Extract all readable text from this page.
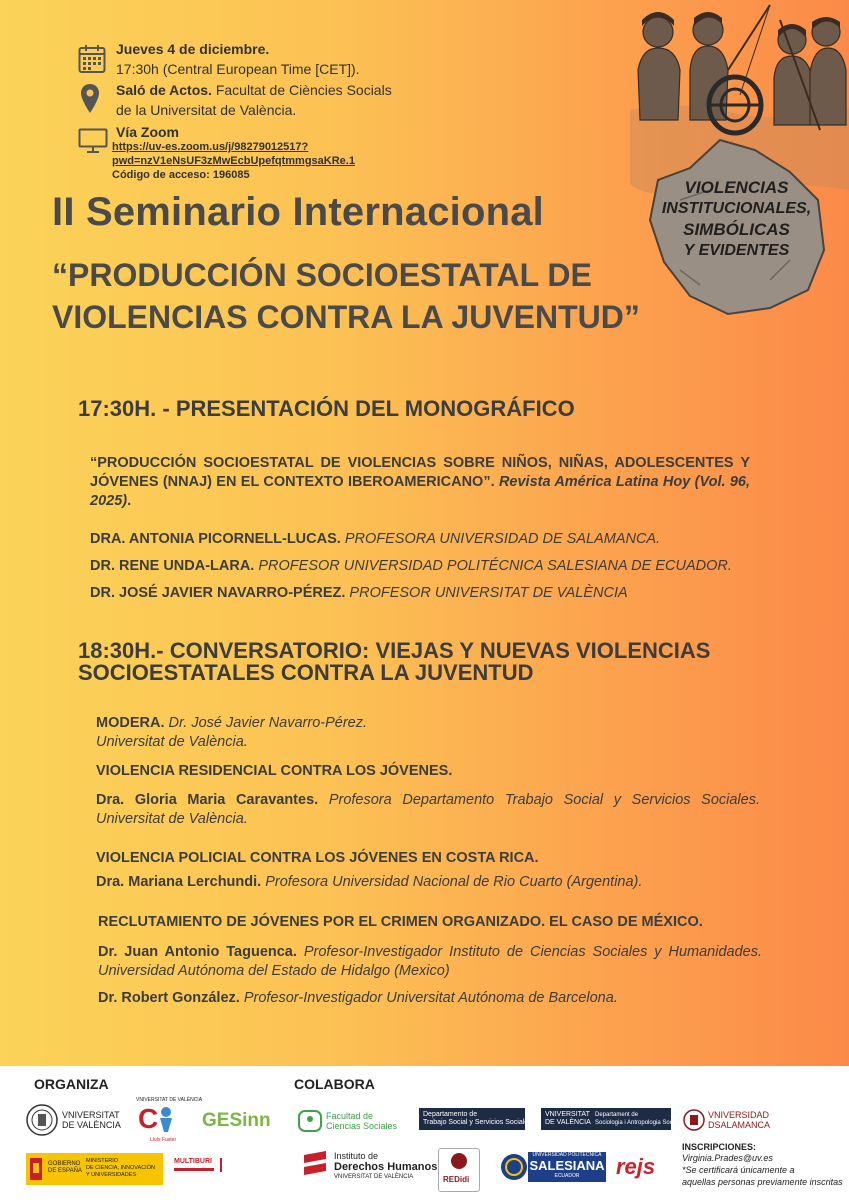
Jueves 4 de diciembre.
17:30h (Central European Time [CET]).
Saló de Actos. Facultat de Ciències Socials
de la Universitat de València.
Vía Zoom
https://uv-es.zoom.us/j/98279012517?
pwd=nzV1eNsUF3zMwEcbUpefqtmmgsaKRe.1
Código de acceso: 196085
VIOLENCIAS
INSTITUCIONALES,
SIMBÓLICAS
Y EVIDENTES
II Seminario Internacional
“PRODUCCIÓN SOCIOESTATAL DE
VIOLENCIAS CONTRA LA JUVENTUD”
17:30H. - PRESENTACIÓN DEL MONOGRÁFICO
“PRODUCCIÓN SOCIOESTATAL DE VIOLENCIAS SOBRE NIÑOS, NIÑAS, ADOLESCENTES Y JÓVENES (NNAJ) EN EL CONTEXTO IBEROAMERICANO”. Revista América Latina Hoy (Vol. 96, 2025).
DRA. ANTONIA PICORNELL-LUCAS. PROFESORA UNIVERSIDAD DE SALAMANCA.
DR. RENE UNDA-LARA. PROFESOR UNIVERSIDAD POLITÉCNICA SALESIANA DE ECUADOR.
DR. JOSÉ JAVIER NAVARRO-PÉREZ. PROFESOR UNIVERSITAT DE VALÈNCIA
18:30H.- CONVERSATORIO: VIEJAS Y NUEVAS VIOLENCIAS
SOCIOESTATALES CONTRA LA JUVENTUD
MODERA. Dr. José Javier Navarro-Pérez.
Universitat de València.
VIOLENCIA RESIDENCIAL CONTRA LOS JÓVENES.
Dra. Gloria Maria Caravantes. Profesora Departamento Trabajo Social y Servicios Sociales. Universitat de València.
VIOLENCIA POLICIAL CONTRA LOS JÓVENES EN COSTA RICA.
Dra. Mariana Lerchundi. Profesora Universidad Nacional de Rio Cuarto (Argentina).
RECLUTAMIENTO DE JÓVENES POR EL CRIMEN ORGANIZADO. EL CASO DE MÉXICO.
Dr. Juan Antonio Taguenca. Profesor-Investigador Instituto de Ciencias Sociales y Humanidades. Universidad Autónoma del Estado de Hidalgo (Mexico)
Dr. Robert González. Profesor-Investigador Universitat Autónoma de Barcelona.
ORGANIZA	COLABORA
VNIVERSITAT
DE VALÈNCIA
VNIVERSITAT DE VALÈNCIA
C
Lluís Fuster
GESinn	Facultad de
Ciencias Sociales
Departamento de
Trabajo Social y Servicios Sociales
VNIVERSITAT
DE VALÈNCIA
Departament de
Sociologia i Antropologia Social
VNIVERSIDAD
DSALAMANCA
GOBIERNO
DE ESPAÑA
MINISTERIO
DE CIENCIA, INNOVACIÓN
Y UNIVERSIDADES
MULTIBURI
Instituto de
Derechos Humanos
VNIVERSITAT DE VALÈNCIA	REDidi
UNIVERSIDAD POLITÉCNICA
SALESIANA
ECUADOR	rejs
INSCRIPCIONES:
Virginia.Prades@uv.es
*Se certificará únicamente a
aquellas personas previamente inscritas
